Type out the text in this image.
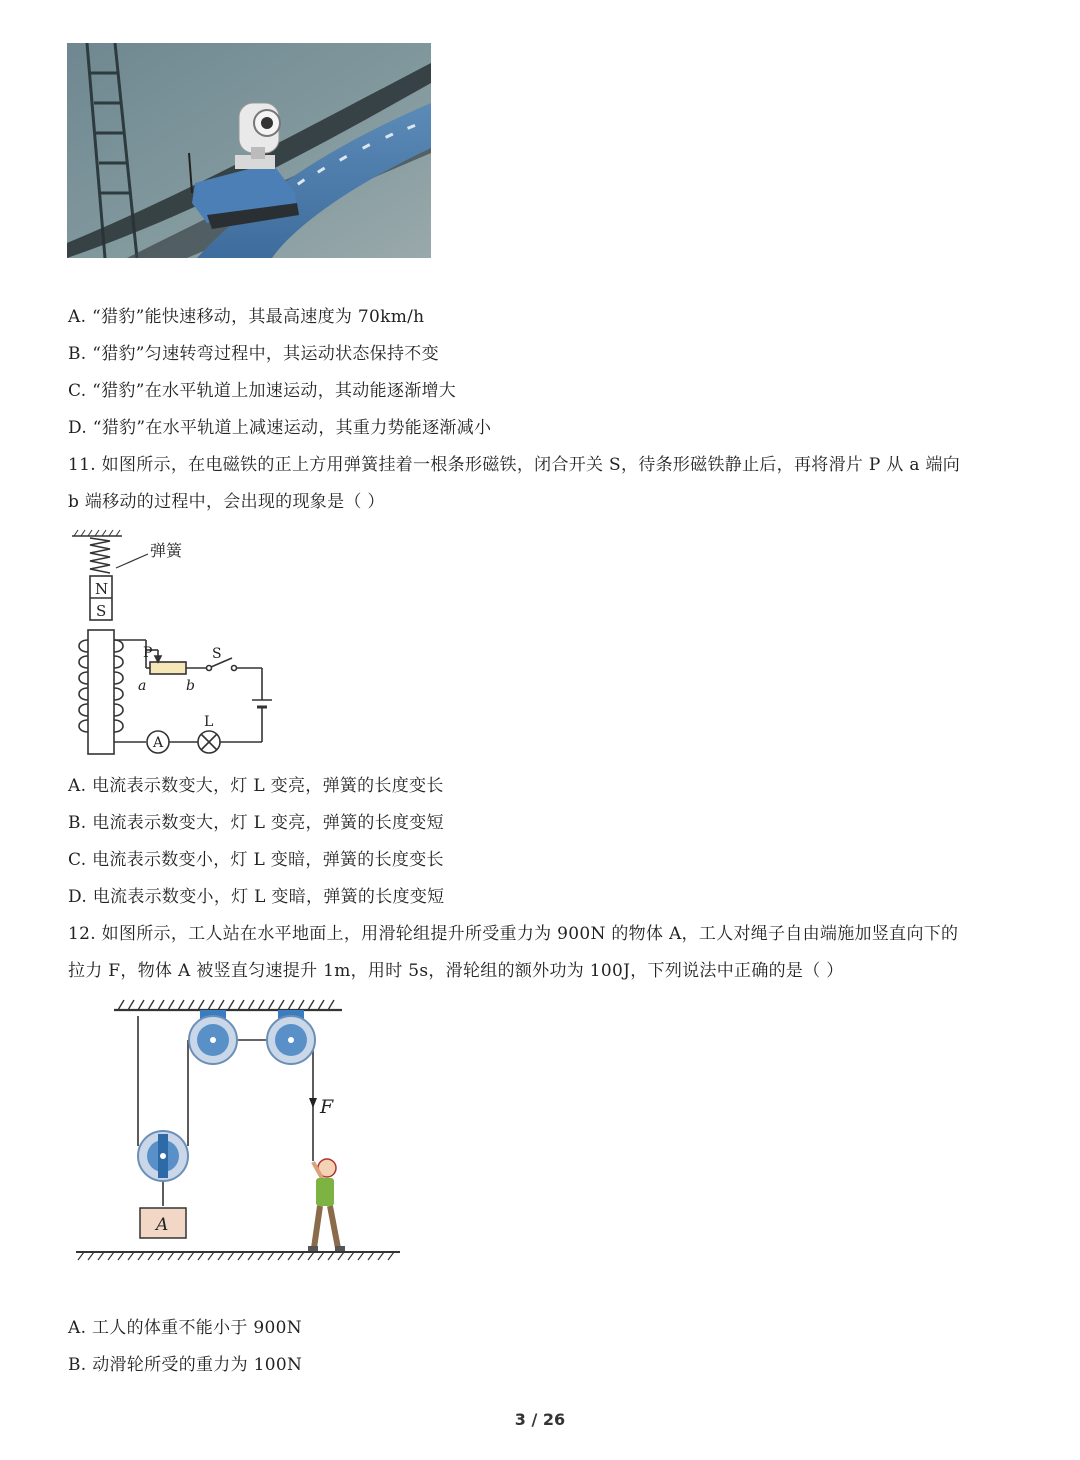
A. “猎豹”能快速移动，其最高速度为 70km/h
B. “猎豹”匀速转弯过程中，其运动状态保持不变
C. “猎豹”在水平轨道上加速运动，其动能逐渐增大
D. “猎豹”在水平轨道上减速运动，其重力势能逐渐减小
11. 如图所示，在电磁铁的正上方用弹簧挂着一根条形磁铁，闭合开关 S，待条形磁铁静止后，再将滑片 P 从 a 端向
b 端移动的过程中，会出现的现象是（ ）
弹簧
N
S
P	S
a	b
A
L
A. 电流表示数变大，灯 L 变亮，弹簧的长度变长
B. 电流表示数变大，灯 L 变亮，弹簧的长度变短
C. 电流表示数变小，灯 L 变暗，弹簧的长度变长
D. 电流表示数变小，灯 L 变暗，弹簧的长度变短
12. 如图所示，工人站在水平地面上，用滑轮组提升所受重力为 900N 的物体 A，工人对绳子自由端施加竖直向下的
拉力 F，物体 A 被竖直匀速提升 1m，用时 5s，滑轮组的额外功为 100J，下列说法中正确的是（ ）
A
F
A. 工人的体重不能小于 900N
B. 动滑轮所受的重力为 100N
3 / 26
